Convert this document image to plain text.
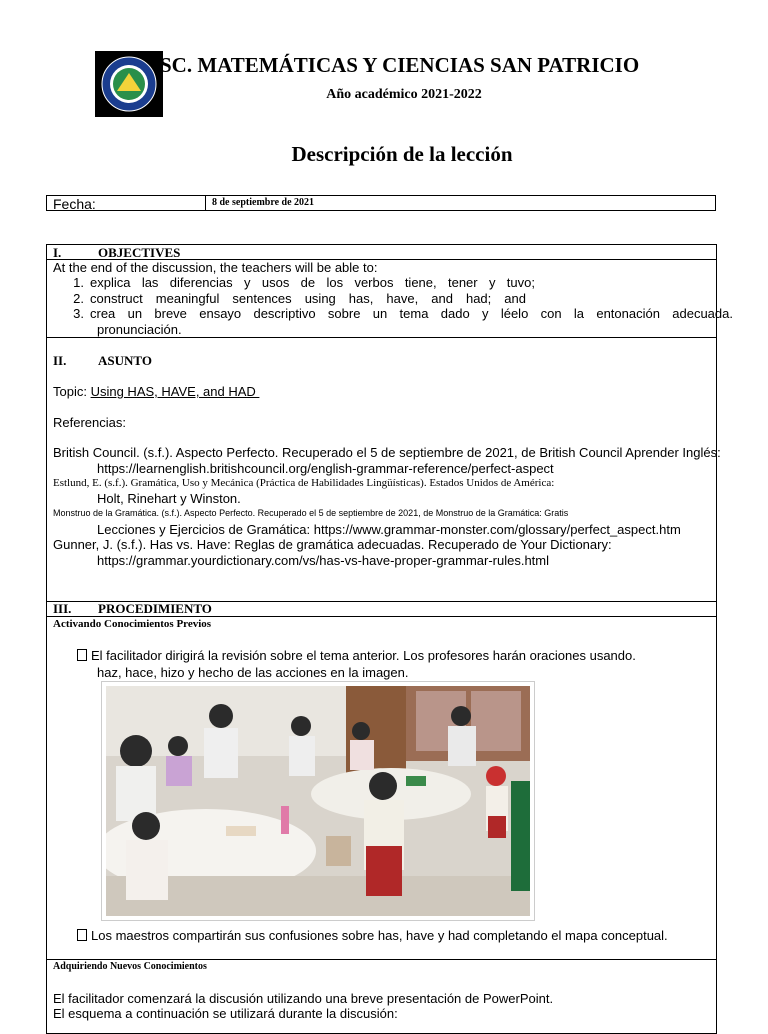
SC. MATEMÁTICAS Y CIENCIAS SAN PATRICIO
Año académico 2021-2022
Descripción de la lección
Fecha:	8 de septiembre de 2021
I.	OBJECTIVES
At the end of the discussion, the teachers will be able to:
1. explica las diferencias y usos de los verbos tiene, tener y tuvo;
2. construct meaningful sentences using has, have, and had; and
3. crea un breve ensayo descriptivo sobre un tema dado y léelo con la entonación adecuada.
pronunciación.
II. ASUNTO
Topic: Using HAS, HAVE, and HAD
Referencias:
British Council. (s.f.). Aspecto Perfecto. Recuperado el 5 de septiembre de 2021, de British Council Aprender Inglés:
https://learnenglish.britishcouncil.org/english-grammar-reference/perfect-aspect
Estlund, E. (s.f.). Gramática, Uso y Mecánica (Práctica de Habilidades Lingüísticas). Estados Unidos de América:
Holt, Rinehart y Winston.
Monstruo de la Gramática. (s.f.). Aspecto Perfecto. Recuperado el 5 de septiembre de 2021, de Monstruo de la Gramática: Gratis
Lecciones y Ejercicios de Gramática: https://www.grammar-monster.com/glossary/perfect_aspect.htm
Gunner, J. (s.f.). Has vs. Have: Reglas de gramática adecuadas. Recuperado de Your Dictionary:
https://grammar.yourdictionary.com/vs/has-vs-have-proper-grammar-rules.html
III. PROCEDIMIENTO
Activando Conocimientos Previos
El facilitador dirigirá la revisión sobre el tema anterior. Los profesores harán oraciones usando.
haz, hace, hizo y hecho de las acciones en la imagen.
Los maestros compartirán sus confusiones sobre has, have y had completando el mapa conceptual.
Adquiriendo Nuevos Conocimientos
El facilitador comenzará la discusión utilizando una breve presentación de PowerPoint.
El esquema a continuación se utilizará durante la discusión:
